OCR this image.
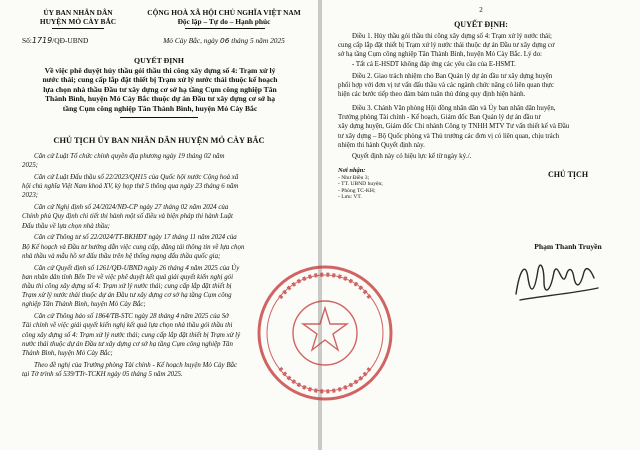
ỦY BAN NHÂN DÂN

HUYỆN MỎ CÀY BẮC

Số:1719/QĐ-UBND

CỘNG HOÀ XÃ HỘI CHỦ NGHĨA VIỆT NAM

Độc lập – Tự do – Hạnh phúc

Mỏ Cày Bắc, ngày 06 tháng 5 năm 2025

QUYẾT ĐỊNH

Về việc phê duyệt hủy thầu gói thầu thi công xây dựng số 4: Trạm xử lý
nước thải; cung cấp lắp đặt thiết bị Trạm xử lý nước thải thuộc kế hoạch
lựa chọn nhà thầu Đầu tư xây dựng cơ sở hạ tầng Cụm công nghiệp Tân
Thành Bình, huyện Mỏ Cày Bắc thuộc dự án Đầu tư xây dựng cơ sở hạ
tầng Cụm công nghiệp Tân Thành Bình, huyện Mỏ Cày Bắc

CHỦ TỊCH ỦY BAN NHÂN DÂN HUYỆN MỎ CÀY BẮC

Căn cứ Luật Tổ chức chính quyền địa phương ngày 19 tháng 02 năm
2025;
Căn cứ Luật Đấu thầu số 22/2023/QH15 của Quốc hội nước Cộng hoà xã
hội chủ nghĩa Việt Nam khoá XV, kỳ họp thứ 5 thông qua ngày 23 tháng 6 năm
2023;
Căn cứ Nghị định số 24/2024/NĐ-CP ngày 27 tháng 02 năm 2024 của
Chính phủ Quy định chi tiết thi hành một số điều và biện pháp thi hành Luật
Đấu thầu về lựa chọn nhà thầu;
Căn cứ Thông tư số 22/2024/TT-BKHĐT ngày 17 tháng 11 năm 2024 của
Bộ Kế hoạch và Đầu tư hướng dẫn việc cung cấp, đăng tải thông tin về lựa chọn
nhà thầu và mẫu hồ sơ đấu thầu trên hệ thống mạng đấu thầu quốc gia;
Căn cứ Quyết định số 1261/QĐ-UBND ngày 26 tháng 4 năm 2025 của Ủy
ban nhân dân tỉnh Bến Tre về việc phê duyệt kết quả giải quyết kiến nghị gói
thầu thi công xây dựng số 4: Trạm xử lý nước thải; cung cấp lắp đặt thiết bị
Trạm xử lý nước thải thuộc dự án Đầu tư xây dựng cơ sở hạ tầng Cụm công
nghiệp Tân Thành Bình, huyện Mỏ Cày Bắc;
Căn cứ Thông báo số 1864/TB-STC ngày 28 tháng 4 năm 2025 của Sở
Tài chính về việc giải quyết kiến nghị kết quả lựa chọn nhà thầu gói thầu thi
công xây dựng số 4: Trạm xử lý nước thải; cung cấp lắp đặt thiết bị Trạm xử lý
nước thải thuộc dự án Đầu tư xây dựng cơ sở hạ tầng Cụm công nghiệp Tân
Thành Bình, huyện Mỏ Cày Bắc;
Theo đề nghị của Trưởng phòng Tài chính - Kế hoạch huyện Mỏ Cày Bắc
tại Tờ trình số 539/TTr-TCKH ngày 05 tháng 5 năm 2025.

2

QUYẾT ĐỊNH:

Điều 1. Hủy thầu gói thầu thi công xây dựng số 4: Trạm xử lý nước thải;
cung cấp lắp đặt thiết bị Trạm xử lý nước thải thuộc dự án Đầu tư xây dựng cơ
sở hạ tầng Cụm công nghiệp Tân Thành Bình, huyện Mỏ Cày Bắc. Lý do:
- Tất cả E-HSDT không đáp ứng các yêu cầu của E-HSMT.
Điều 2. Giao trách nhiệm cho Ban Quản lý dự án đầu tư xây dựng huyện
phối hợp với đơn vị tư vấn đấu thầu và các ngành chức năng có liên quan thực
hiện các bước tiếp theo đảm bảm tuân thủ đúng quy định hiện hành.
Điều 3. Chánh Văn phòng Hội đồng nhân dân và Ủy ban nhân dân huyện,
Trưởng phòng Tài chính - Kế hoạch, Giám đốc Ban Quản lý dự án đầu tư
xây dựng huyện, Giám đốc Chi nhánh Công ty TNHH MTV Tư vấn thiết kế và Đầu
tư xây dựng – Bộ Quốc phòng và Thủ trưởng các đơn vị có liên quan, chịu trách
nhiệm thi hành Quyết định này.

Quyết định này có hiệu lực kể từ ngày ký./.

Nơi nhận:
- Như Điều 3;
- TT. UBND huyện;
- Phòng TC-KH;
- Lưu: VT.

CHỦ TỊCH

Phạm Thanh Truyền
